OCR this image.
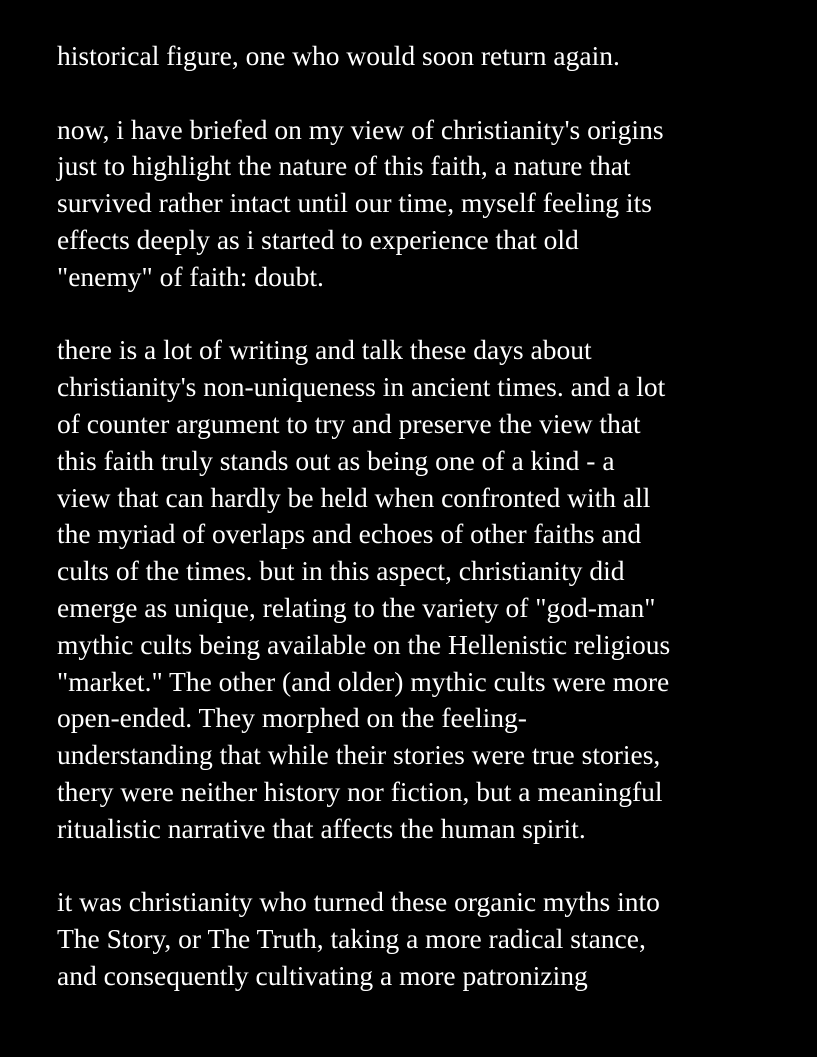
historical figure, one who would soon return again.
now, i have briefed on my view of christianity's origins
just to highlight the nature of this faith, a nature that
survived rather intact until our time, myself feeling its
effects deeply as i started to experience that old
"enemy" of faith: doubt.
there is a lot of writing and talk these days about
christianity's non-uniqueness in ancient times. and a lot
of counter argument to try and preserve the view that
this faith truly stands out as being one of a kind - a
view that can hardly be held when confronted with all
the myriad of overlaps and echoes of other faiths and
cults of the times. but in this aspect, christianity did
emerge as unique, relating to the variety of "god-man"
mythic cults being available on the Hellenistic religious
"market." The other (and older) mythic cults were more
open-ended. They morphed on the feeling-
understanding that while their stories were true stories,
thery were neither history nor fiction, but a meaningful
ritualistic narrative that affects the human spirit.
it was christianity who turned these organic myths into
The Story, or The Truth, taking a more radical stance,
and consequently cultivating a more patronizing
